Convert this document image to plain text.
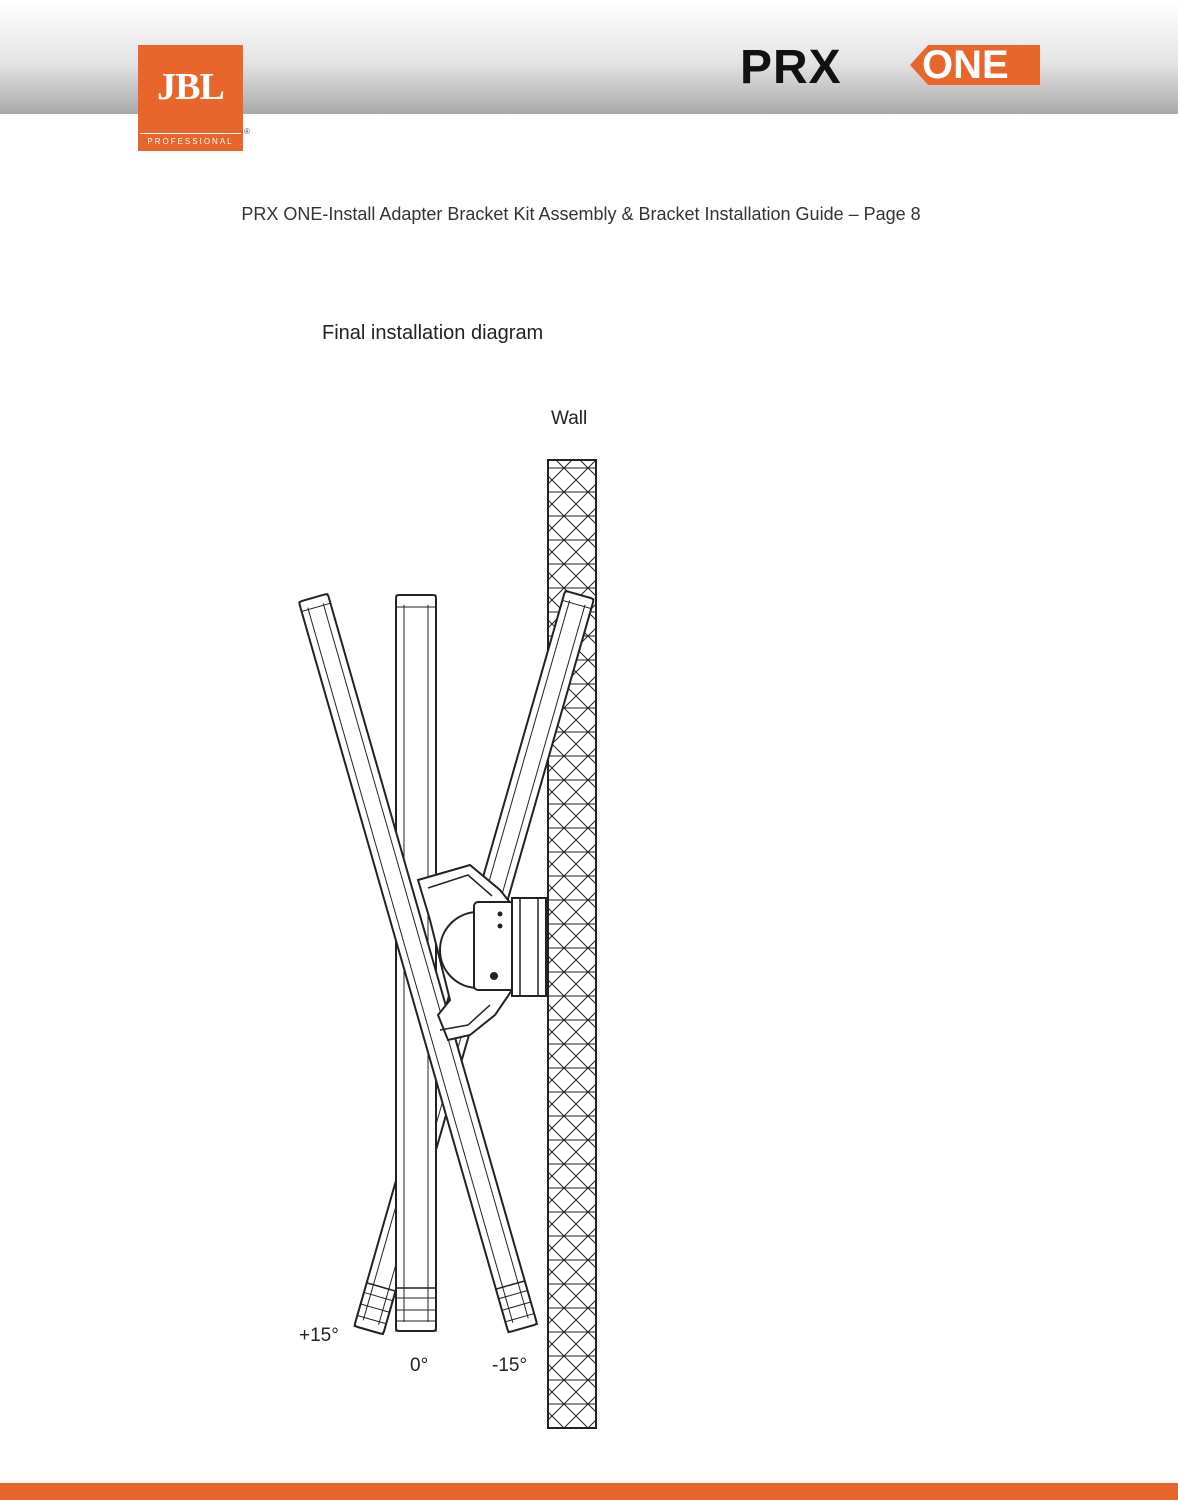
JBL
PROFESSIONAL
®
PRX ONE
PRX ONE-Install Adapter Bracket Kit Assembly & Bracket Installation Guide – Page 8
Final installation diagram
Wall
+15°
0°	-15°
